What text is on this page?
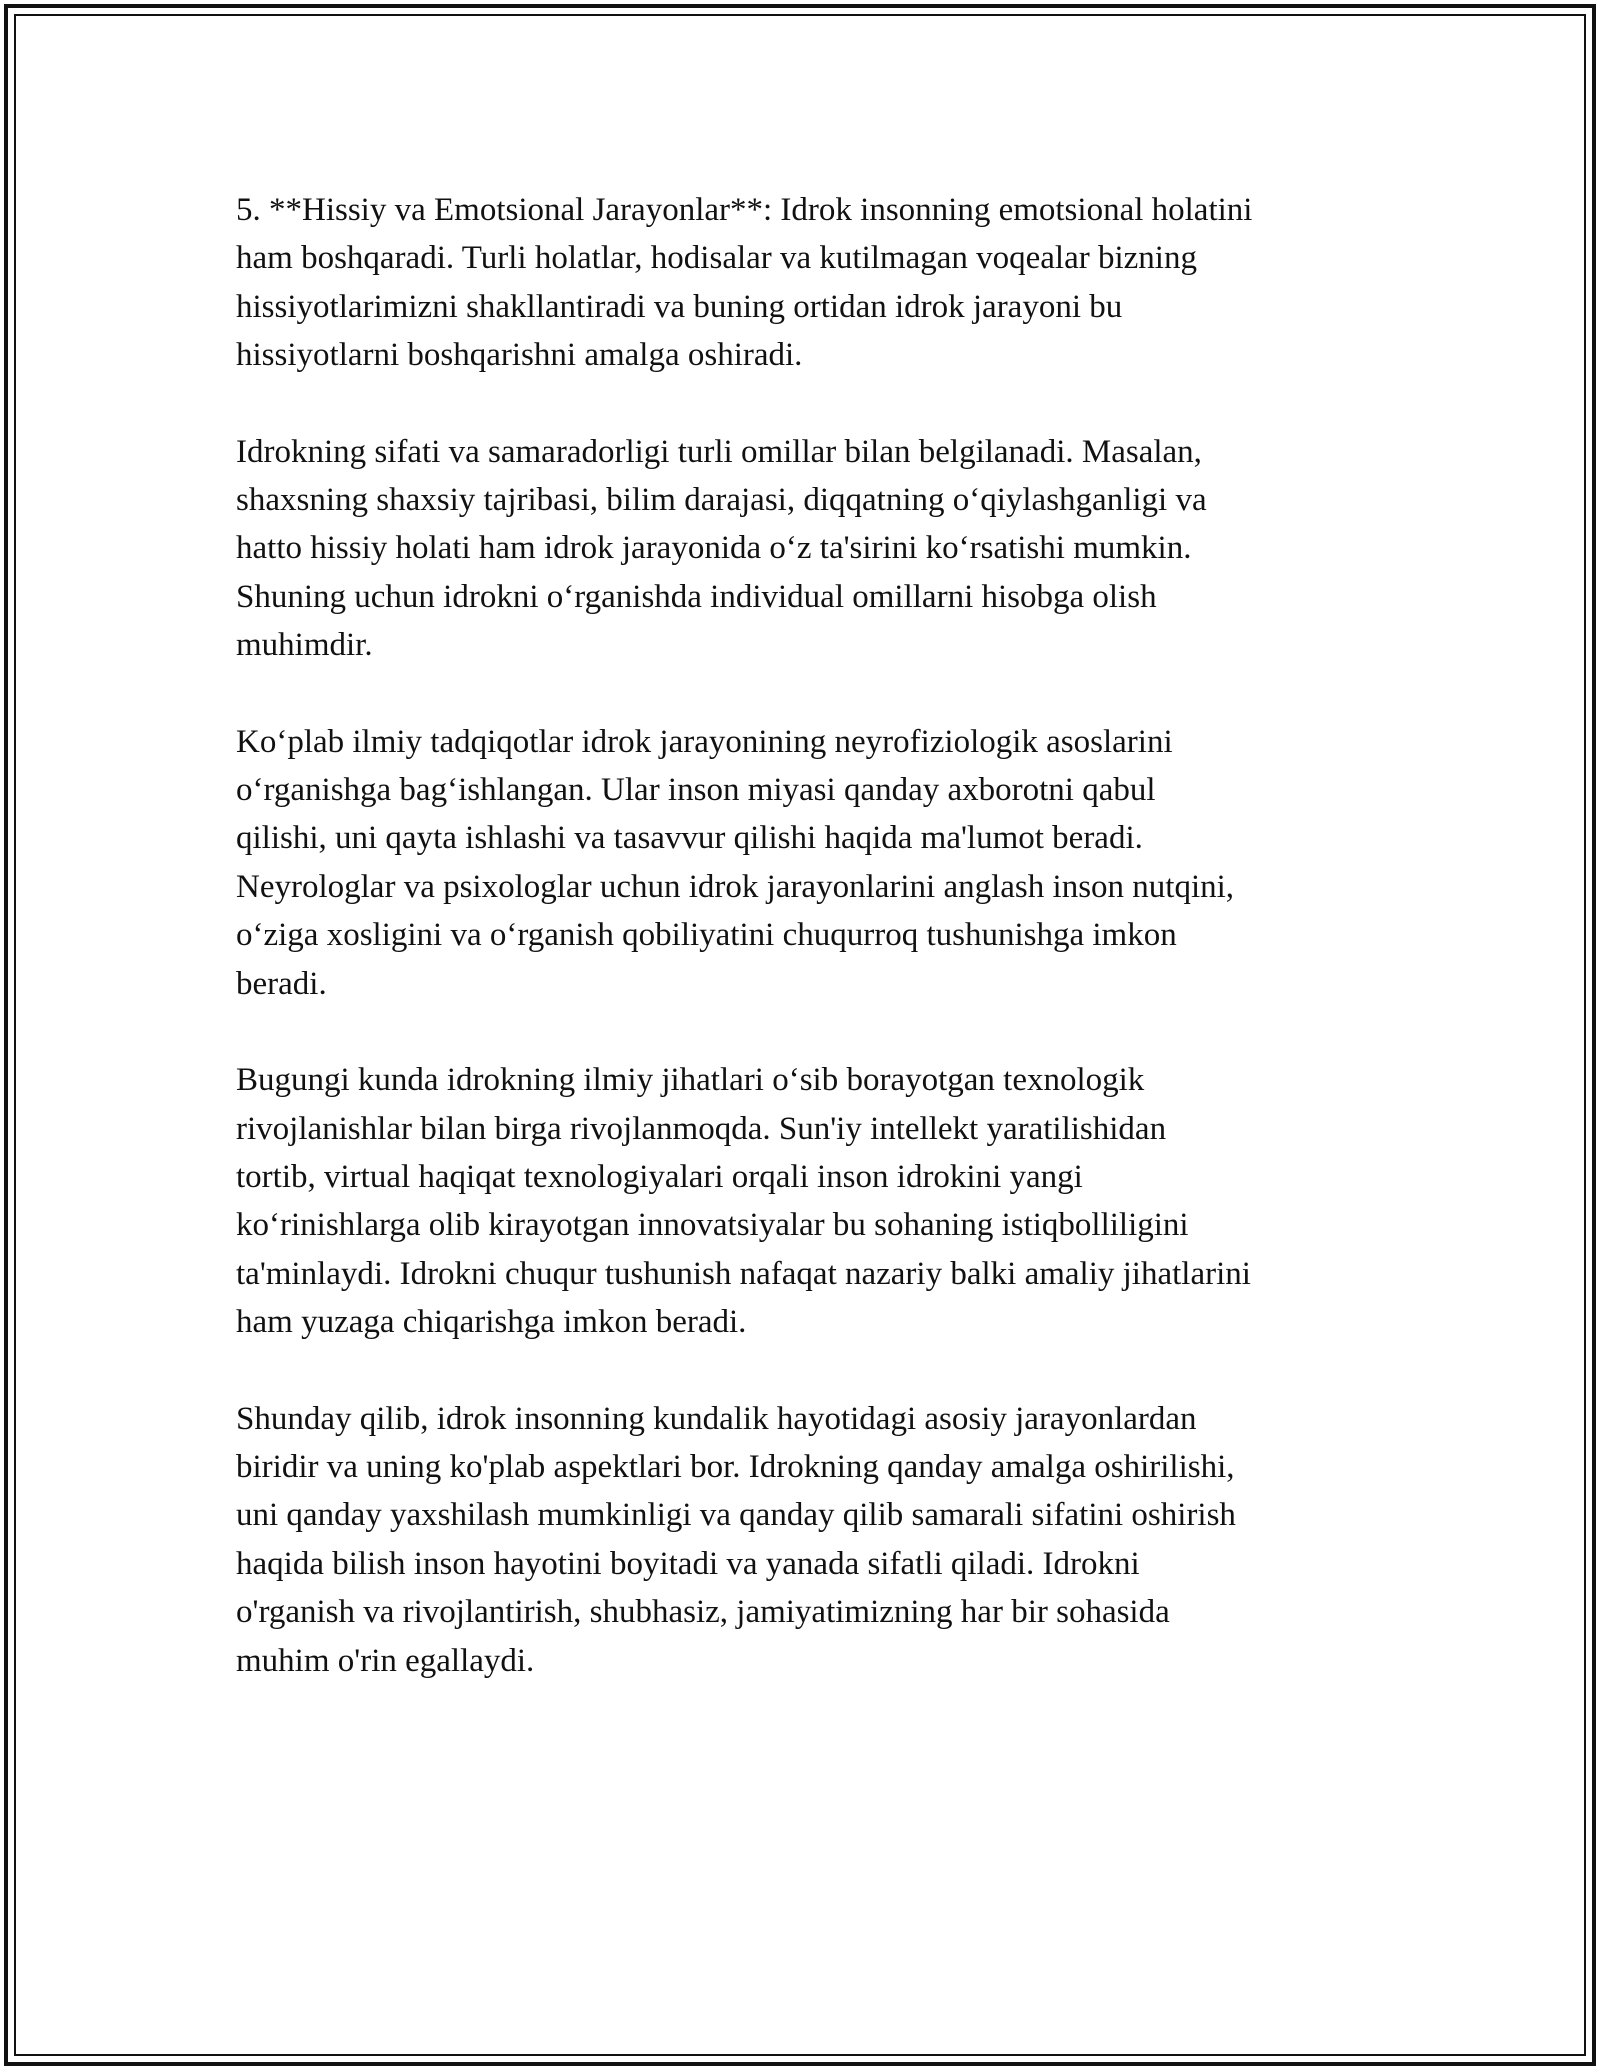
5. **Hissiy va Emotsional Jarayonlar**: Idrok insonning emotsional holatini
ham boshqaradi. Turli holatlar, hodisalar va kutilmagan voqealar bizning
hissiyotlarimizni shakllantiradi va buning ortidan idrok jarayoni bu
hissiyotlarni boshqarishni amalga oshiradi.

Idrokning sifati va samaradorligi turli omillar bilan belgilanadi. Masalan,
shaxsning shaxsiy tajribasi, bilim darajasi, diqqatning oʻqiylashganligi va
hatto hissiy holati ham idrok jarayonida oʻz ta'sirini koʻrsatishi mumkin.
Shuning uchun idrokni oʻrganishda individual omillarni hisobga olish
muhimdir.

Koʻplab ilmiy tadqiqotlar idrok jarayonining neyrofiziologik asoslarini
oʻrganishga bagʻishlangan. Ular inson miyasi qanday axborotni qabul
qilishi, uni qayta ishlashi va tasavvur qilishi haqida ma'lumot beradi.
Neyrologlar va psixologlar uchun idrok jarayonlarini anglash inson nutqini,
oʻziga xosligini va oʻrganish qobiliyatini chuqurroq tushunishga imkon
beradi.

Bugungi kunda idrokning ilmiy jihatlari oʻsib borayotgan texnologik
rivojlanishlar bilan birga rivojlanmoqda. Sun'iy intellekt yaratilishidan
tortib, virtual haqiqat texnologiyalari orqali inson idrokini yangi
koʻrinishlarga olib kirayotgan innovatsiyalar bu sohaning istiqbolliligini
ta'minlaydi. Idrokni chuqur tushunish nafaqat nazariy balki amaliy jihatlarini
ham yuzaga chiqarishga imkon beradi.

Shunday qilib, idrok insonning kundalik hayotidagi asosiy jarayonlardan
biridir va uning ko'plab aspektlari bor. Idrokning qanday amalga oshirilishi,
uni qanday yaxshilash mumkinligi va qanday qilib samarali sifatini oshirish
haqida bilish inson hayotini boyitadi va yanada sifatli qiladi. Idrokni
o'rganish va rivojlantirish, shubhasiz, jamiyatimizning har bir sohasida
muhim o'rin egallaydi.
